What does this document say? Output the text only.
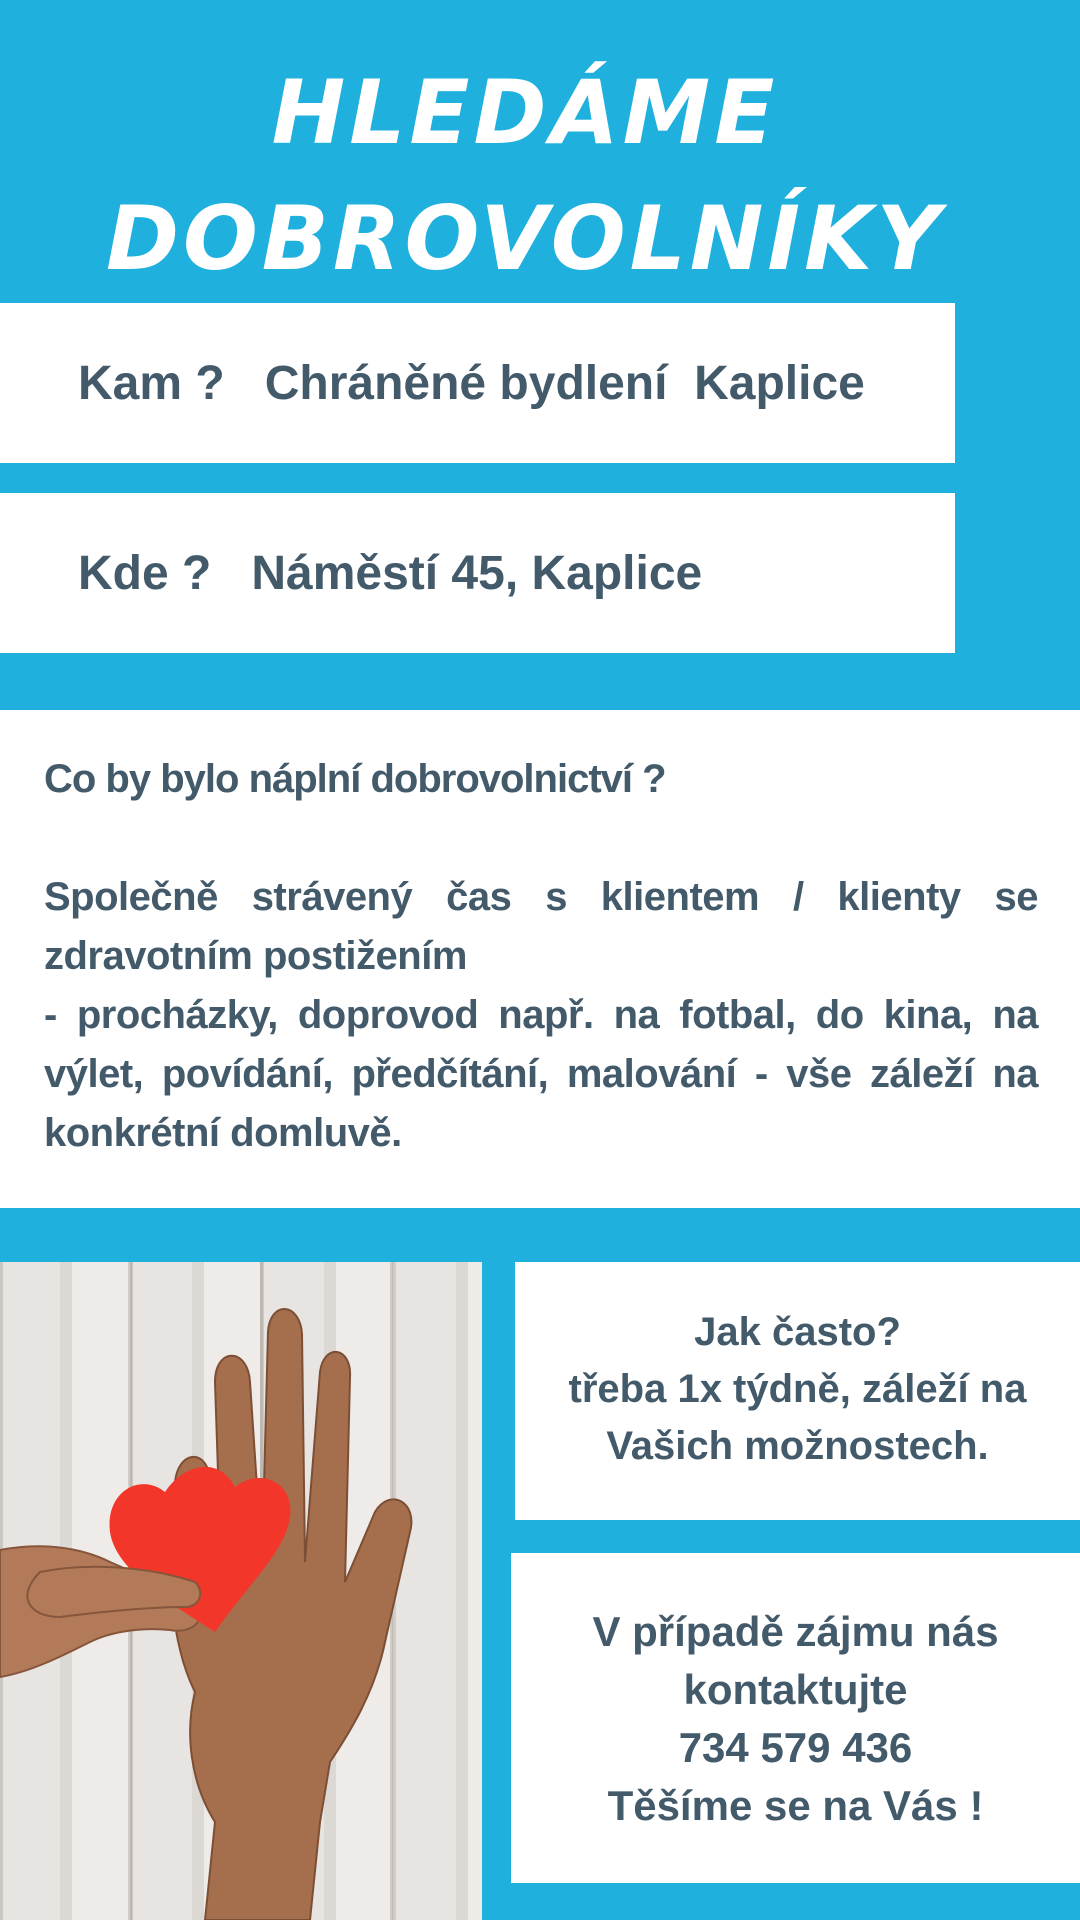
HLEDÁME
DOBROVOLNÍKY
Kam ?   Chráněné bydlení  Kaplice
Kde ?   Náměstí 45, Kaplice
Co by bylo náplní dobrovolnictví ?
Společně strávený čas s klientem / klienty se zdravotním postižením
- procházky, doprovod např. na fotbal, do kina, na výlet, povídání, předčítání, malování - vše záleží na konkrétní domluvě.
Jak často?
třeba 1x týdně, záleží na
Vašich možnostech.
V případě zájmu nás
kontaktujte
734 579 436
Těšíme se na Vás !
